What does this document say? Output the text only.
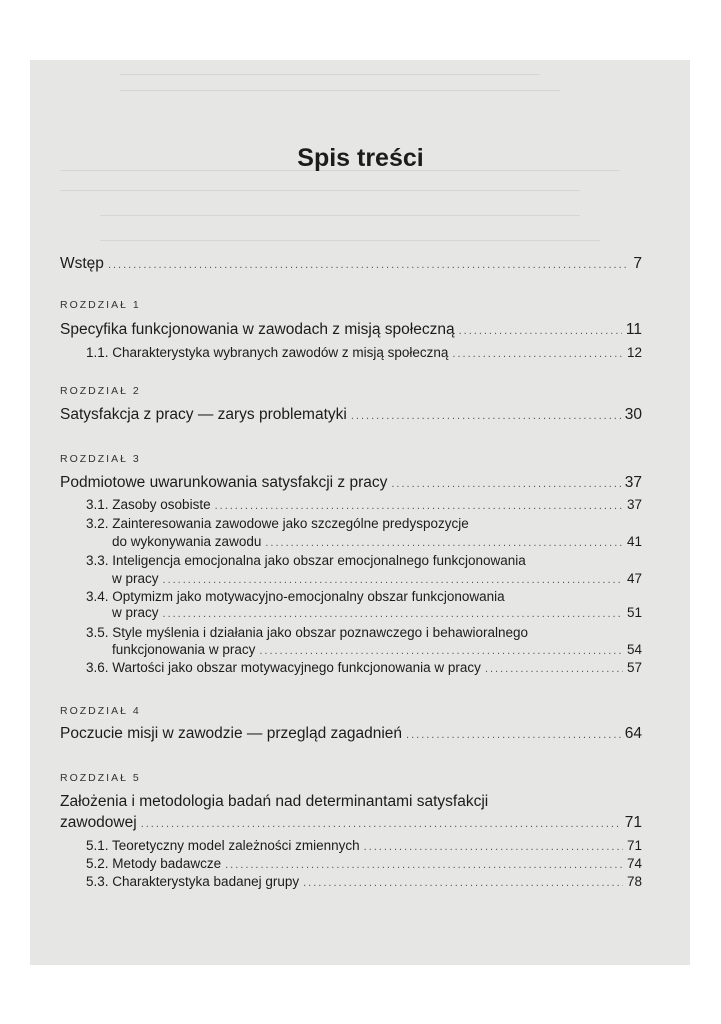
Spis treści
Wstęp .....	7
ROZDZIAŁ 1
Specyfika funkcjonowania w zawodach z misją społeczną .....	11
1.1. Charakterystyka wybranych zawodów z misją społeczną .....	12
ROZDZIAŁ 2
Satysfakcja z pracy — zarys problematyki .....	30
ROZDZIAŁ 3
Podmiotowe uwarunkowania satysfakcji z pracy .....	37
3.1. Zasoby osobiste .....	37
3.2. Zainteresowania zawodowe jako szczególne predyspozycje
do wykonywania zawodu .....	41
3.3. Inteligencja emocjonalna jako obszar emocjonalnego funkcjonowania
w pracy .....	47
3.4. Optymizm jako motywacyjno-emocjonalny obszar funkcjonowania
w pracy .....	51
3.5. Style myślenia i działania jako obszar poznawczego i behawioralnego
funkcjonowania w pracy .....	54
3.6. Wartości jako obszar motywacyjnego funkcjonowania w pracy .....	57
ROZDZIAŁ 4
Poczucie misji w zawodzie — przegląd zagadnień .....	64
ROZDZIAŁ 5
Założenia i metodologia badań nad determinantami satysfakcji
zawodowej .....	71
5.1. Teoretyczny model zależności zmiennych .....	71
5.2. Metody badawcze .....	74
5.3. Charakterystyka badanej grupy .....	78
